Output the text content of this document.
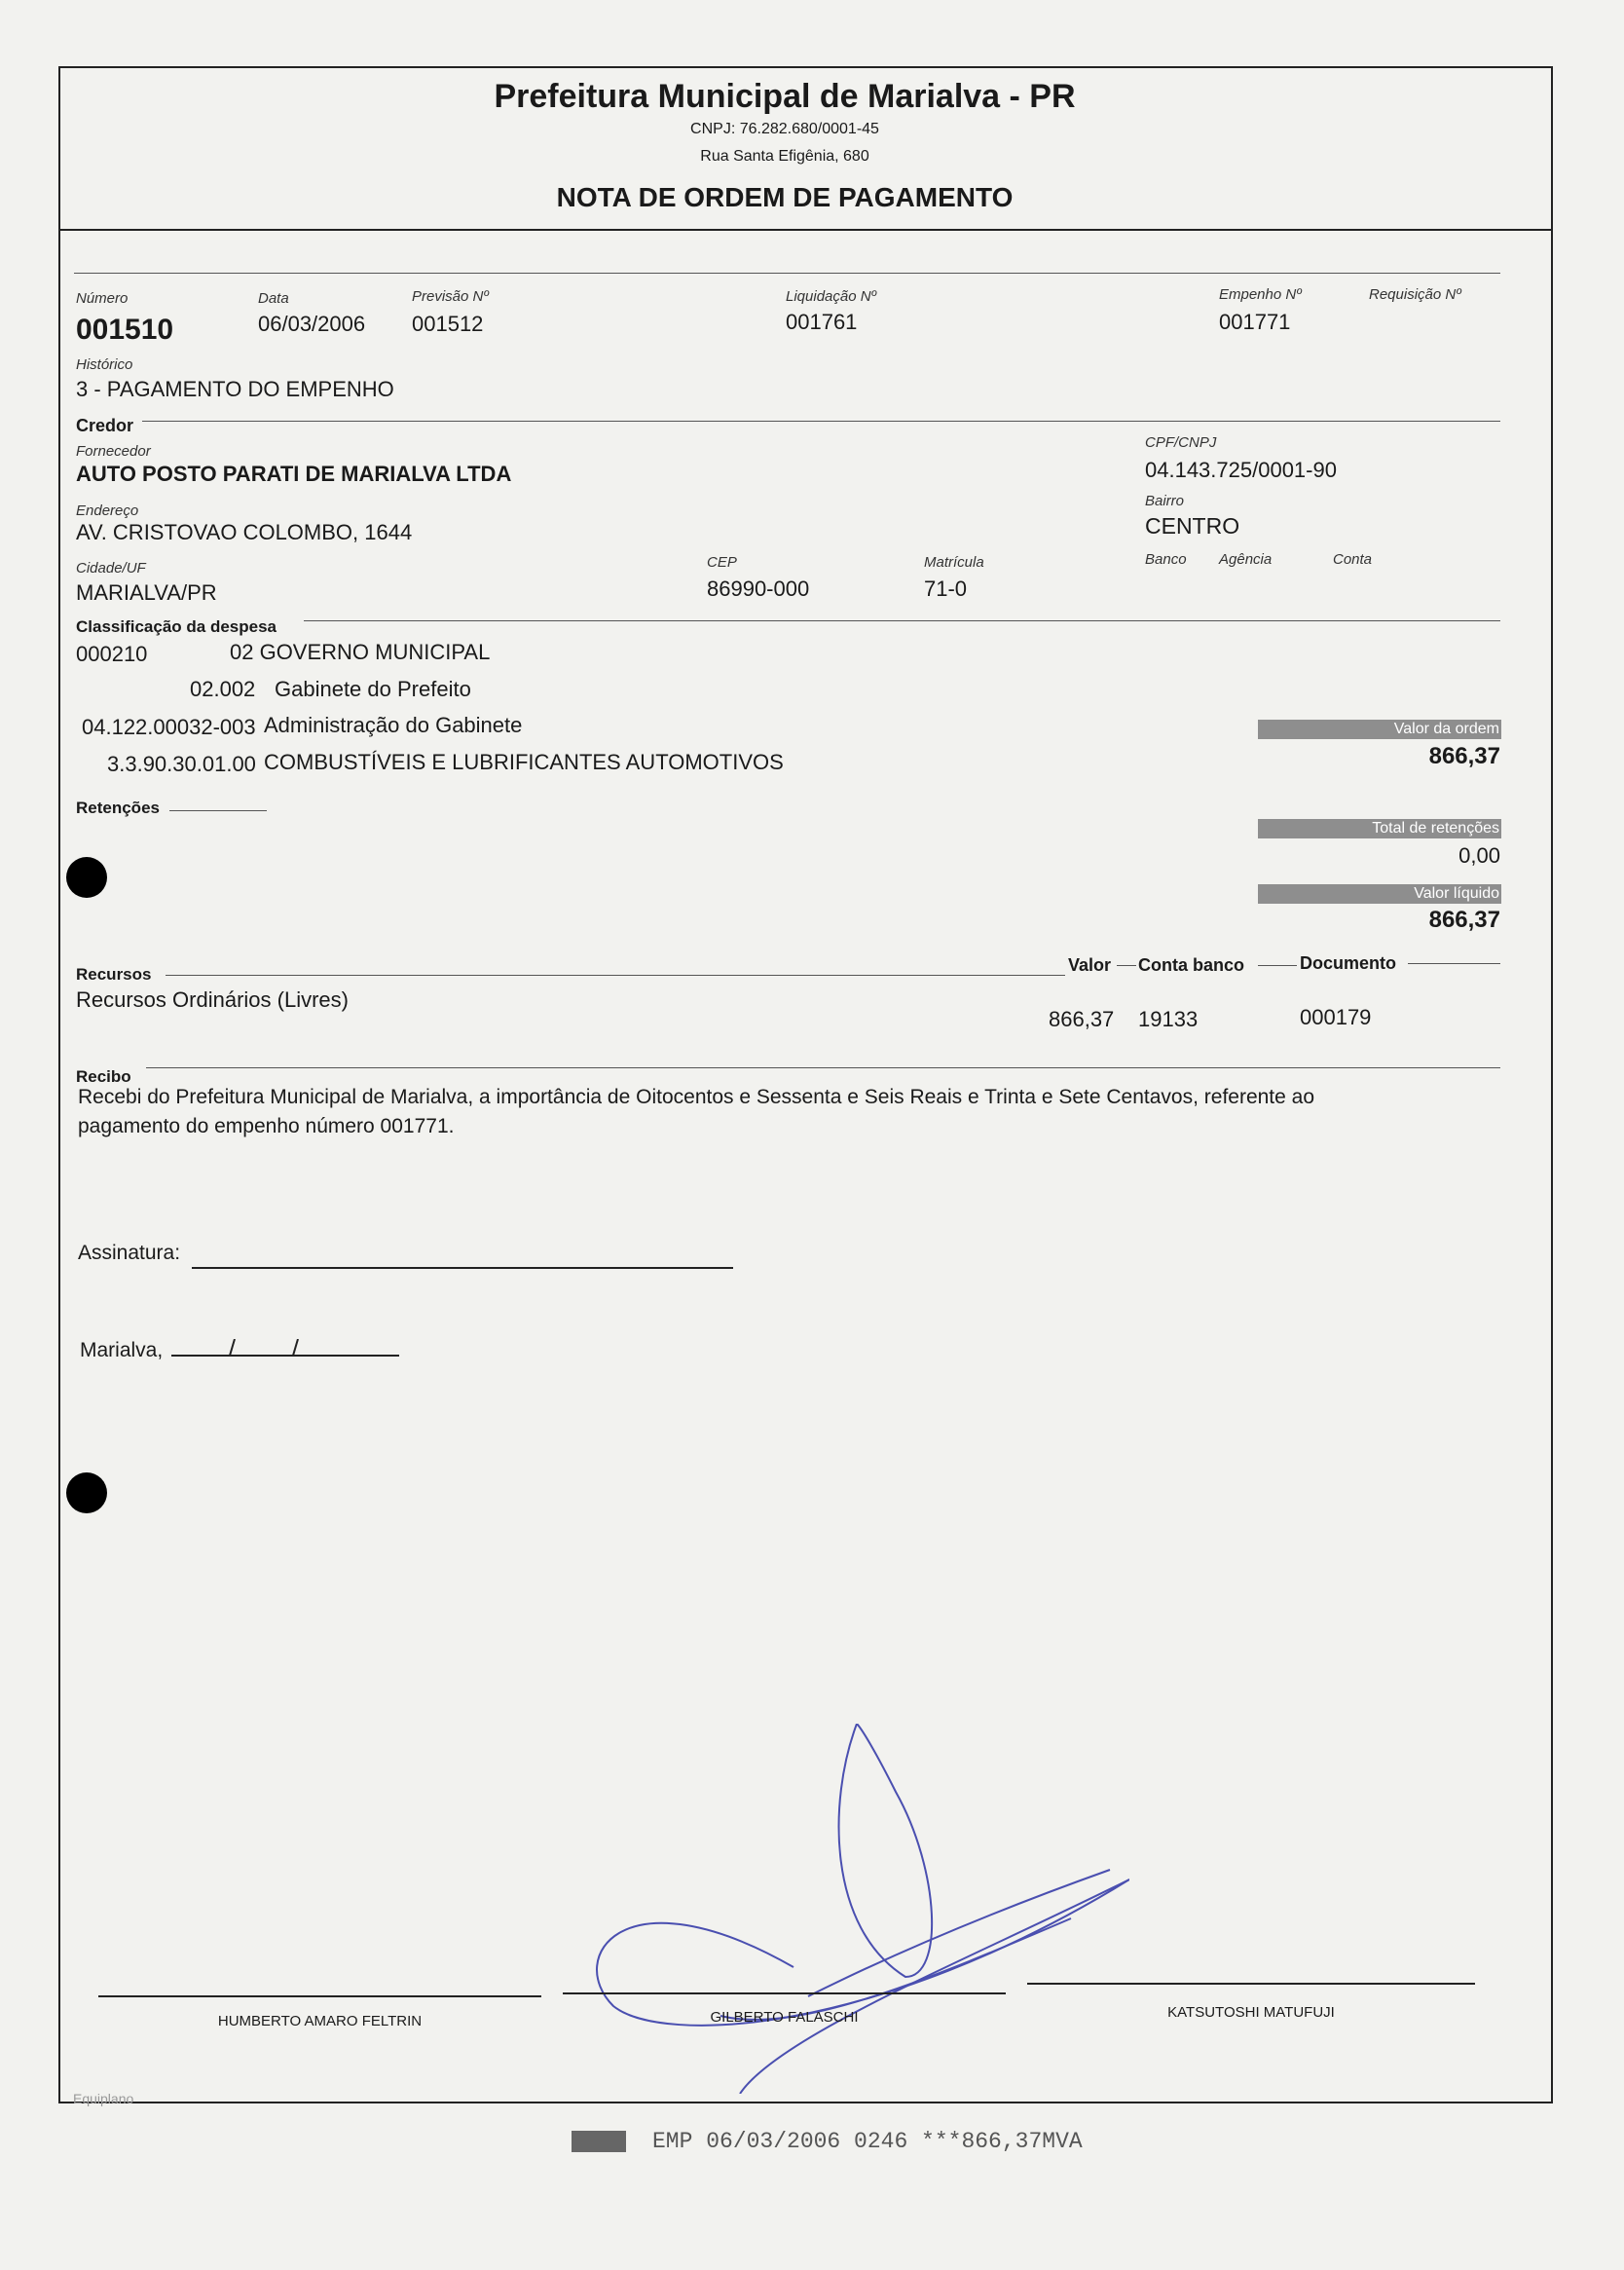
Prefeitura Municipal de Marialva - PR
CNPJ: 76.282.680/0001-45
Rua Santa Efigênia, 680
NOTA DE ORDEM DE PAGAMENTO
Número
001510
Data
06/03/2006
Previsão Nº
001512
Liquidação Nº
001761
Empenho Nº
001771
Requisição Nº
Histórico
3 - PAGAMENTO DO EMPENHO
Credor
Fornecedor
AUTO POSTO PARATI DE MARIALVA LTDA
CPF/CNPJ
04.143.725/0001-90
Endereço
AV. CRISTOVAO COLOMBO, 1644
Bairro
CENTRO
Cidade/UF
MARIALVA/PR
CEP
86990-000
Matrícula
71-0
Banco Agência	Conta
Classificação da despesa
000210	02 GOVERNO MUNICIPAL
02.002 Gabinete do Prefeito
04.122.00032-003 Administração do Gabinete
3.3.90.30.01.00 COMBUSTÍVEIS E LUBRIFICANTES AUTOMOTIVOS
Valor da ordem
866,37
Total de retenções
0,00
Valor líquido
866,37
Retenções
Recursos	Valor Conta banco	Documento
Recursos Ordinários (Livres)
866,37 19133	000179
Recibo
Recebi do Prefeitura Municipal de Marialva, a importância de Oitocentos e Sessenta e Seis Reais e Trinta e Sete Centavos, referente ao
pagamento do empenho número 001771.
Assinatura:
Marialva,
HUMBERTO AMARO FELTRIN	GILBERTO FALASCHI	KATSUTOSHI MATUFUJI
Equiplano
EMP 06/03/2006 0246 ***866,37MVA
